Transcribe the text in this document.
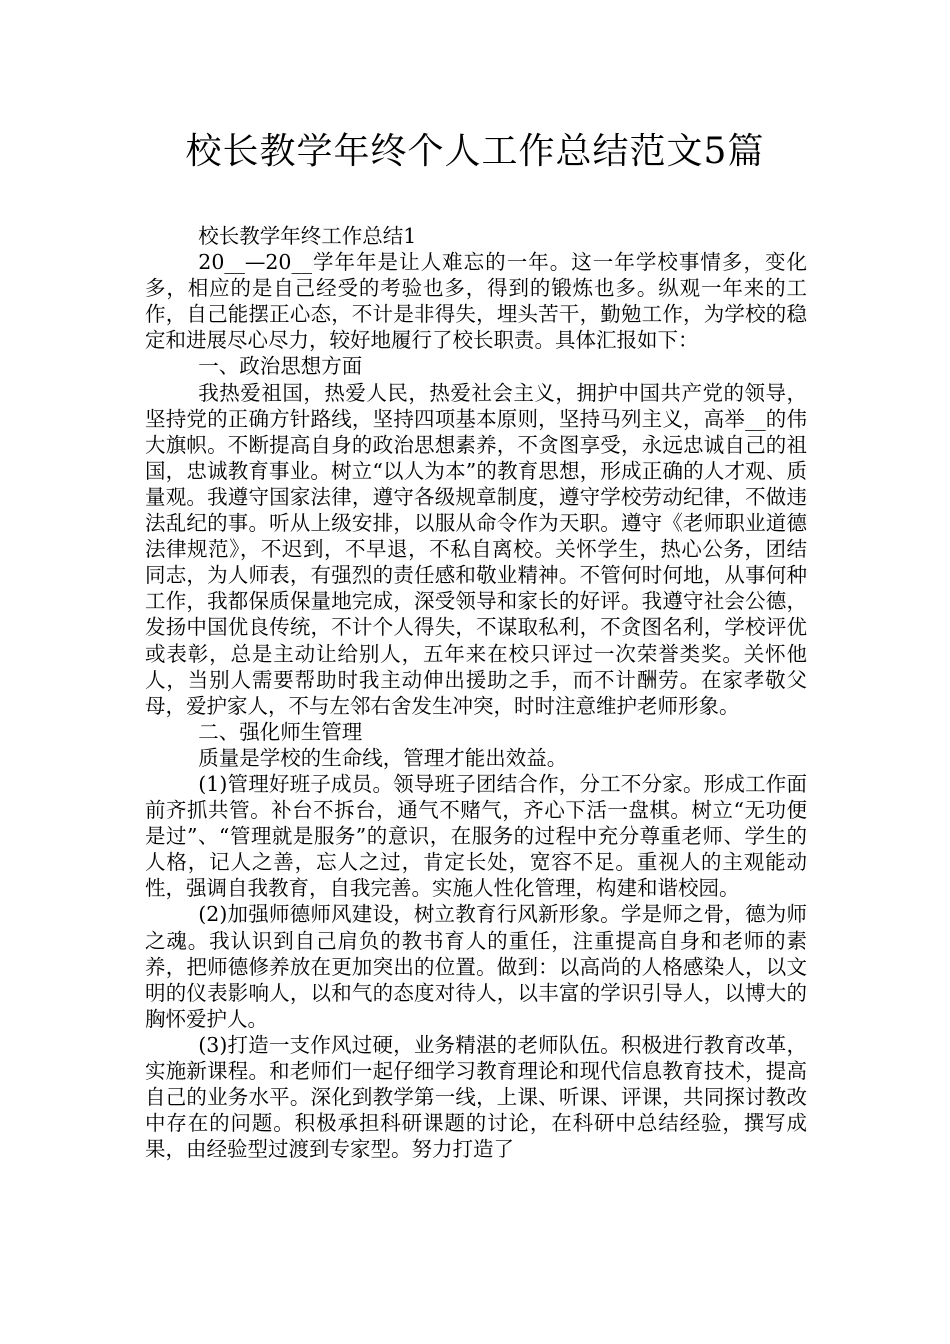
校长教学年终个人工作总结范文5篇

校长教学年终工作总结1

20__—20__学年年是让人难忘的一年。这一年学校事情多，变化多，相应的是自己经受的考验也多，得到的锻炼也多。纵观一年来的工作，自己能摆正心态，不计是非得失，埋头苦干，勤勉工作，为学校的稳定和进展尽心尽力，较好地履行了校长职责。具体汇报如下：

一、政治思想方面

我热爱祖国，热爱人民，热爱社会主义，拥护中国共产党的领导，坚持党的正确方针路线，坚持四项基本原则，坚持马列主义，高举__的伟大旗帜。不断提高自身的政治思想素养，不贪图享受，永远忠诚自己的祖国，忠诚教育事业。树立“以人为本”的教育思想，形成正确的人才观、质量观。我遵守国家法律，遵守各级规章制度，遵守学校劳动纪律，不做违法乱纪的事。听从上级安排，以服从命令作为天职。遵守《老师职业道德法律规范》，不迟到，不早退，不私自离校。关怀学生，热心公务，团结同志，为人师表，有强烈的责任感和敬业精神。不管何时何地，从事何种工作，我都保质保量地完成，深受领导和家长的好评。我遵守社会公德，发扬中国优良传统，不计个人得失，不谋取私利，不贪图名利，学校评优或表彰，总是主动让给别人，五年来在校只评过一次荣誉类奖。关怀他人，当别人需要帮助时我主动伸出援助之手，而不计酬劳。在家孝敬父母，爱护家人，不与左邻右舍发生冲突，时时注意维护老师形象。

二、强化师生管理

质量是学校的生命线，管理才能出效益。

(1)管理好班子成员。领导班子团结合作，分工不分家。形成工作面前齐抓共管。补台不拆台，通气不赌气，齐心下活一盘棋。树立“无功便是过”、“管理就是服务”的意识，在服务的过程中充分尊重老师、学生的人格，记人之善，忘人之过，肯定长处，宽容不足。重视人的主观能动性，强调自我教育，自我完善。实施人性化管理，构建和谐校园。

(2)加强师德师风建设，树立教育行风新形象。学是师之骨，德为师之魂。我认识到自己肩负的教书育人的重任，注重提高自身和老师的素养，把师德修养放在更加突出的位置。做到：以高尚的人格感染人，以文明的仪表影响人，以和气的态度对待人，以丰富的学识引导人，以博大的胸怀爱护人。

(3)打造一支作风过硬，业务精湛的老师队伍。积极进行教育改革，实施新课程。和老师们一起仔细学习教育理论和现代信息教育技术，提高自己的业务水平。深化到教学第一线，上课、听课、评课，共同探讨教改中存在的问题。积极承担科研课题的讨论，在科研中总结经验，撰写成果，由经验型过渡到专家型。努力打造了
